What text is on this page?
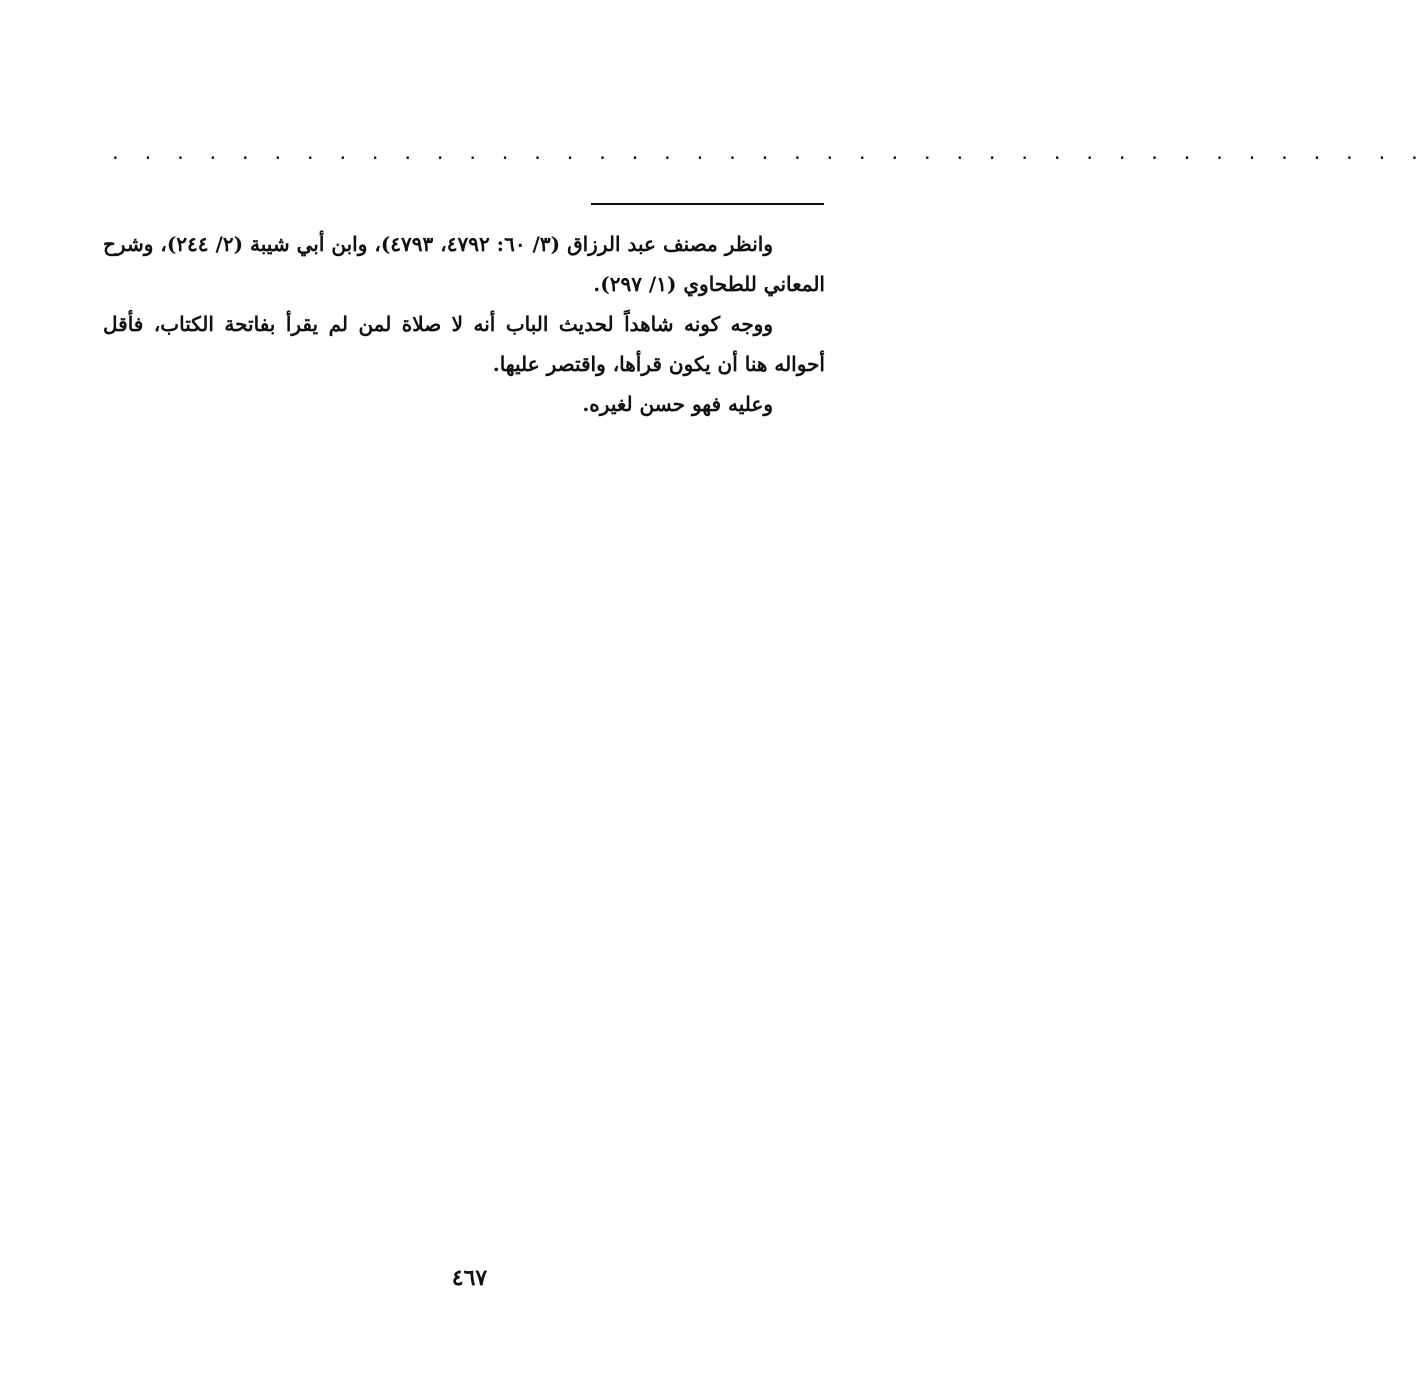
. . . . . . . . . . . . . . . . . . . . . . . . . . . . . . . . . . . . . . . . .

وانظر مصنف عبد الرزاق (٣/ ٦٠: ٤٧٩٢، ٤٧٩٣)، وابن أبي شيبة (٢/ ٢٤٤)، وشرح المعاني للطحاوي (١/ ٢٩٧).

ووجه كونه شاهداً لحديث الباب أنه لا صلاة لمن لم يقرأ بفاتحة الكتاب، فأقل أحواله هنا أن يكون قرأها، واقتصر عليها.

وعليه فهو حسن لغيره.

٤٦٧
